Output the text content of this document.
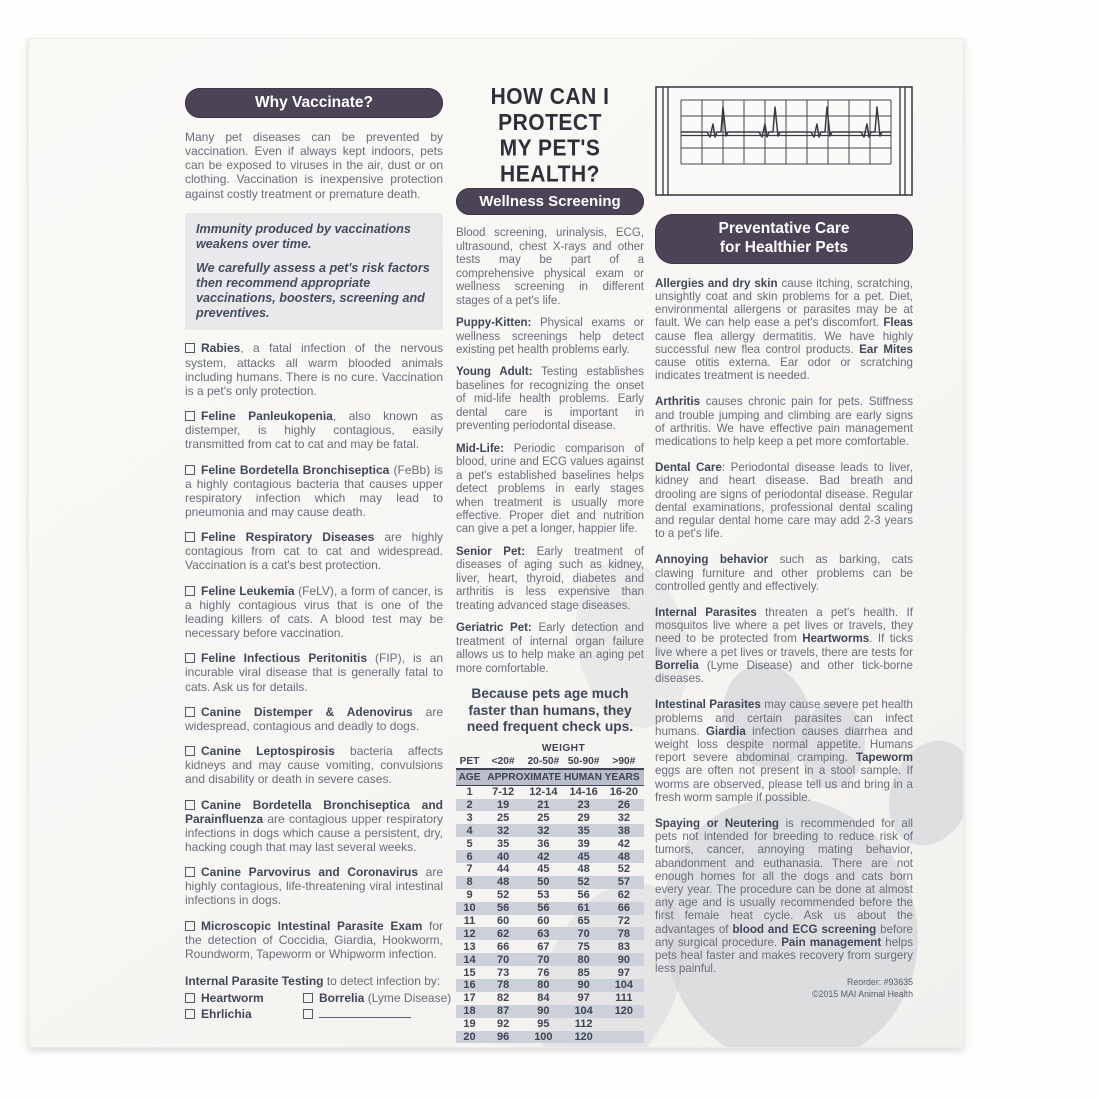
Why Vaccinate?

Many pet diseases can be prevented by vaccination. Even if always kept indoors, pets can be exposed to viruses in the air, dust or on clothing. Vaccination is inexpensive protection against costly treatment or premature death.

Immunity produced by vaccinations weakens over time.

We carefully assess a pet's risk factors then recommend appropriate vaccinations, boosters, screening and preventives.

Rabies, a fatal infection of the nervous system, attacks all warm blooded animals including humans. There is no cure. Vaccination is a pet's only protection.

Feline Panleukopenia, also known as distemper, is highly contagious, easily transmitted from cat to cat and may be fatal.

Feline Bordetella Bronchiseptica (FeBb) is a highly contagious bacteria that causes upper respiratory infection which may lead to pneumonia and may cause death.

Feline Respiratory Diseases are highly contagious from cat to cat and widespread. Vaccination is a cat's best protection.

Feline Leukemia (FeLV), a form of cancer, is a highly contagious virus that is one of the leading killers of cats. A blood test may be necessary before vaccination.

Feline Infectious Peritonitis (FIP), is an incurable viral disease that is generally fatal to cats. Ask us for details.

Canine Distemper & Adenovirus are widespread, contagious and deadly to dogs.

Canine Leptospirosis bacteria affects kidneys and may cause vomiting, convulsions and disability or death in severe cases.

Canine Bordetella Bronchiseptica and Parainfluenza are contagious upper respiratory infections in dogs which cause a persistent, dry, hacking cough that may last several weeks.

Canine Parvovirus and Coronavirus are highly contagious, life-threatening viral intestinal infections in dogs.

Microscopic Intestinal Parasite Exam for the detection of Coccidia, Giardia, Hookworm, Roundworm, Tapeworm or Whipworm infection.

Internal Parasite Testing to detect infection by:

Heartworm	Borrelia (Lyme Disease)
Ehrlichia
HOW CAN I PROTECT
MY PET'S HEALTH?
Wellness Screening

Blood screening, urinalysis, ECG, ultrasound, chest X-rays and other tests may be part of a comprehensive physical exam or wellness screening in different stages of a pet's life.

Puppy-Kitten: Physical exams or wellness screenings help detect existing pet health problems early.

Young Adult: Testing establishes baselines for recognizing the onset of mid-life health problems. Early dental care is important in preventing periodontal disease.

Mid-Life: Periodic comparison of blood, urine and ECG values against a pet's established baselines helps detect problems in early stages when treatment is usually more effective. Proper diet and nutrition can give a pet a longer, happier life.

Senior Pet: Early treatment of diseases of aging such as kidney, liver, heart, thyroid, diabetes and arthritis is less expensive than treating advanced stage diseases.

Geriatric Pet: Early detection and treatment of internal organ failure allows us to help make an aging pet more comfortable.

Because pets age much faster than humans, they need frequent check ups.
	WEIGHT			
PET	<20#	20-50#	50-90#	>90#
AGE	APPROXIMATE HUMAN YEARS			
1	7-12	12-14	14-16	16-20
2	19	21	23	26
3	25	25	29	32
4	32	32	35	38
5	35	36	39	42
6	40	42	45	48
7	44	45	48	52
8	48	50	52	57
9	52	53	56	62
10	56	56	61	66
11	60	60	65	72
12	62	63	70	78
13	66	67	75	83
14	70	70	80	90
15	73	76	85	97
16	78	80	90	104
17	82	84	97	111
18	87	90	104	120
19	92	95	112	
20	96	100	120	
Preventative Care
for Healthier Pets

Allergies and dry skin cause itching, scratching, unsightly coat and skin problems for a pet. Diet, environmental allergens or parasites may be at fault. We can help ease a pet's discomfort. Fleas cause flea allergy dermatitis. We have highly successful new flea control products. Ear Mites cause otitis externa. Ear odor or scratching indicates treatment is needed.

Arthritis causes chronic pain for pets. Stiffness and trouble jumping and climbing are early signs of arthritis. We have effective pain management medications to help keep a pet more comfortable.

Dental Care: Periodontal disease leads to liver, kidney and heart disease. Bad breath and drooling are signs of periodontal disease. Regular dental examinations, professional dental scaling and regular dental home care may add 2-3 years to a pet's life.

Annoying behavior such as barking, cats clawing furniture and other problems can be controlled gently and effectively.

Internal Parasites threaten a pet's health. If mosquitos live where a pet lives or travels, they need to be protected from Heartworms. If ticks live where a pet lives or travels, there are tests for Borrelia (Lyme Disease) and other tick-borne diseases.

Intestinal Parasites may cause severe pet health problems and certain parasites can infect humans. Giardia infection causes diarrhea and weight loss despite normal appetite. Humans report severe abdominal cramping. Tapeworm eggs are often not present in a stool sample. If worms are observed, please tell us and bring in a fresh worm sample if possible.

Spaying or Neutering is recommended for all pets not intended for breeding to reduce risk of tumors, cancer, annoying mating behavior, abandonment and euthanasia. There are not enough homes for all the dogs and cats born every year. The procedure can be done at almost any age and is usually recommended before the first female heat cycle. Ask us about the advantages of blood and ECG screening before any surgical procedure. Pain management helps pets heal faster and makes recovery from surgery less painful.

Reorder: #93635
©2015 MAI Animal Health
